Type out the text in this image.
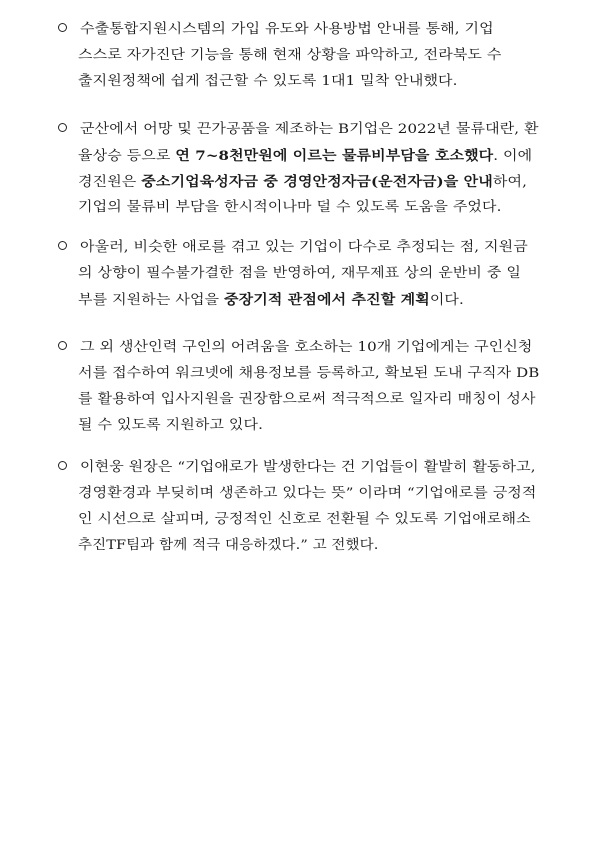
수출통합지원시스템의 가입 유도와 사용방법 안내를 통해, 기업
스스로 자가진단 기능을 통해 현재 상황을 파악하고, 전라북도 수
출지원정책에 쉽게 접근할 수 있도록 1대1 밀착 안내했다.
군산에서 어망 및 끈가공품을 제조하는 B기업은 2022년 물류대란, 환
율상승 등으로 연 7~8천만원에 이르는 물류비부담을 호소했다. 이에
경진원은 중소기업육성자금 중 경영안정자금(운전자금)을 안내하여,
기업의 물류비 부담을 한시적이나마 덜 수 있도록 도움을 주었다.
아울러, 비슷한 애로를 겪고 있는 기업이 다수로 추정되는 점, 지원금
의 상향이 필수불가결한 점을 반영하여, 재무제표 상의 운반비 중 일
부를 지원하는 사업을 중장기적 관점에서 추진할 계획이다.
그 외 생산인력 구인의 어려움을 호소하는 10개 기업에게는 구인신청
서를 접수하여 워크넷에 채용정보를 등록하고, 확보된 도내 구직자 DB
를 활용하여 입사지원을 권장함으로써 적극적으로 일자리 매칭이 성사
될 수 있도록 지원하고 있다.
이현웅 원장은 “기업애로가 발생한다는 건 기업들이 활발히 활동하고,
경영환경과 부딪히며 생존하고 있다는 뜻” 이라며 “기업애로를 긍정적
인 시선으로 살피며, 긍정적인 신호로 전환될 수 있도록 기업애로해소
추진TF팀과 함께 적극 대응하겠다.” 고 전했다.
